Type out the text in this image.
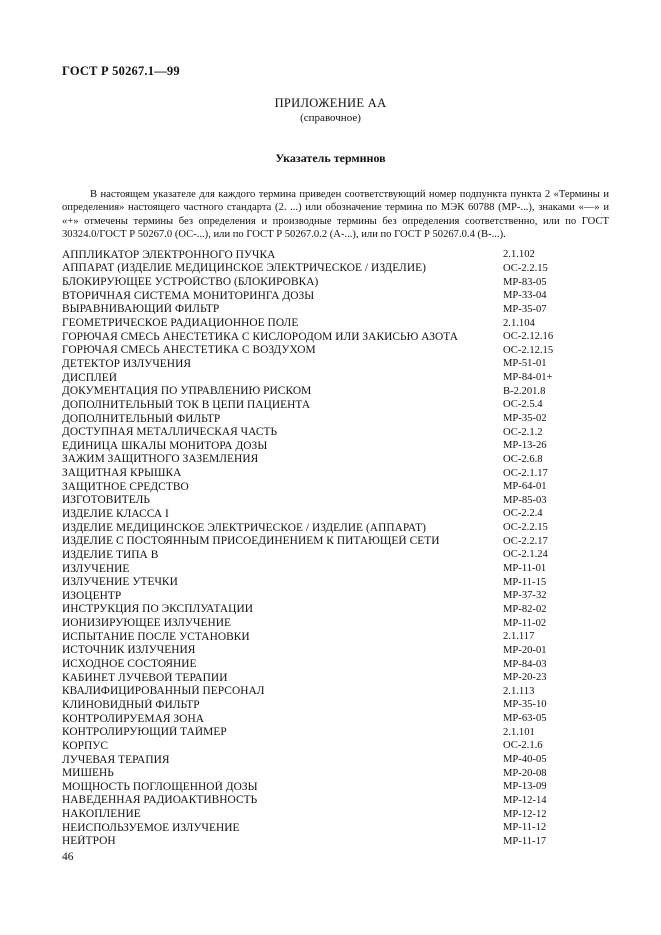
ГОСТ Р 50267.1—99
ПРИЛОЖЕНИЕ АА
(справочное)
Указатель терминов

В настоящем указателе для каждого термина приведен соответствующий номер подпункта пункта 2 «Термины и определения» настоящего частного стандарта (2. ...) или обозначение термина по МЭК 60788 (МР-...), знаками «—» и «+» отмечены термины без определения и производные термины без определения соответственно, или по ГОСТ 30324.0/ГОСТ Р 50267.0 (ОС-...), или по ГОСТ Р 50267.0.2 (А-...), или по ГОСТ Р 50267.0.4 (В-...).

АППЛИКАТОР ЭЛЕКТРОННОГО ПУЧКА	2.1.102
АППАРАТ (ИЗДЕЛИЕ МЕДИЦИНСКОЕ ЭЛЕКТРИЧЕСКОЕ / ИЗДЕЛИЕ)	ОС-2.2.15
БЛОКИРУЮЩЕЕ УСТРОЙСТВО (БЛОКИРОВКА)	МР-83-05
ВТОРИЧНАЯ СИСТЕМА МОНИТОРИНГА ДОЗЫ	МР-33-04
ВЫРАВНИВАЮЩИЙ ФИЛЬТР	МР-35-07
ГЕОМЕТРИЧЕСКОЕ РАДИАЦИОННОЕ ПОЛЕ	2.1.104
ГОРЮЧАЯ СМЕСЬ АНЕСТЕТИКА С КИСЛОРОДОМ ИЛИ ЗАКИСЬЮ АЗОТА	ОС-2.12.16
ГОРЮЧАЯ СМЕСЬ АНЕСТЕТИКА С ВОЗДУХОМ	ОС-2.12.15
ДЕТЕКТОР ИЗЛУЧЕНИЯ	МР-51-01
ДИСПЛЕЙ	МР-84-01+
ДОКУМЕНТАЦИЯ ПО УПРАВЛЕНИЮ РИСКОМ	В-2.201.8
ДОПОЛНИТЕЛЬНЫЙ ТОК В ЦЕПИ ПАЦИЕНТА	ОС-2.5.4
ДОПОЛНИТЕЛЬНЫЙ ФИЛЬТР	МР-35-02
ДОСТУПНАЯ МЕТАЛЛИЧЕСКАЯ ЧАСТЬ	ОС-2.1.2
ЕДИНИЦА ШКАЛЫ МОНИТОРА ДОЗЫ	МР-13-26
ЗАЖИМ ЗАЩИТНОГО ЗАЗЕМЛЕНИЯ	ОС-2.6.8
ЗАЩИТНАЯ КРЫШКА	ОС-2.1.17
ЗАЩИТНОЕ СРЕДСТВО	МР-64-01
ИЗГОТОВИТЕЛЬ	МР-85-03
ИЗДЕЛИЕ КЛАССА I	ОС-2.2.4
ИЗДЕЛИЕ МЕДИЦИНСКОЕ ЭЛЕКТРИЧЕСКОЕ / ИЗДЕЛИЕ (АППАРАТ)	ОС-2.2.15
ИЗДЕЛИЕ С ПОСТОЯННЫМ ПРИСОЕДИНЕНИЕМ К ПИТАЮЩЕЙ СЕТИ	ОС-2.2.17
ИЗДЕЛИЕ ТИПА В	ОС-2.1.24
ИЗЛУЧЕНИЕ	МР-11-01
ИЗЛУЧЕНИЕ УТЕЧКИ	МР-11-15
ИЗОЦЕНТР	МР-37-32
ИНСТРУКЦИЯ ПО ЭКСПЛУАТАЦИИ	МР-82-02
ИОНИЗИРУЮЩЕЕ ИЗЛУЧЕНИЕ	МР-11-02
ИСПЫТАНИЕ ПОСЛЕ УСТАНОВКИ	2.1.117
ИСТОЧНИК ИЗЛУЧЕНИЯ	МР-20-01
ИСХОДНОЕ СОСТОЯНИЕ	МР-84-03
КАБИНЕТ ЛУЧЕВОЙ ТЕРАПИИ	МР-20-23
КВАЛИФИЦИРОВАННЫЙ ПЕРСОНАЛ	2.1.113
КЛИНОВИДНЫЙ ФИЛЬТР	МР-35-10
КОНТРОЛИРУЕМАЯ ЗОНА	МР-63-05
КОНТРОЛИРУЮЩИЙ ТАЙМЕР	2.1.101
КОРПУС	ОС-2.1.6
ЛУЧЕВАЯ ТЕРАПИЯ	МР-40-05
МИШЕНЬ	МР-20-08
МОЩНОСТЬ ПОГЛОЩЕННОЙ ДОЗЫ	МР-13-09
НАВЕДЕННАЯ РАДИОАКТИВНОСТЬ	МР-12-14
НАКОПЛЕНИЕ	МР-12-12
НЕИСПОЛЬЗУЕМОЕ ИЗЛУЧЕНИЕ	МР-11-12
НЕЙТРОН	МР-11-17
46
